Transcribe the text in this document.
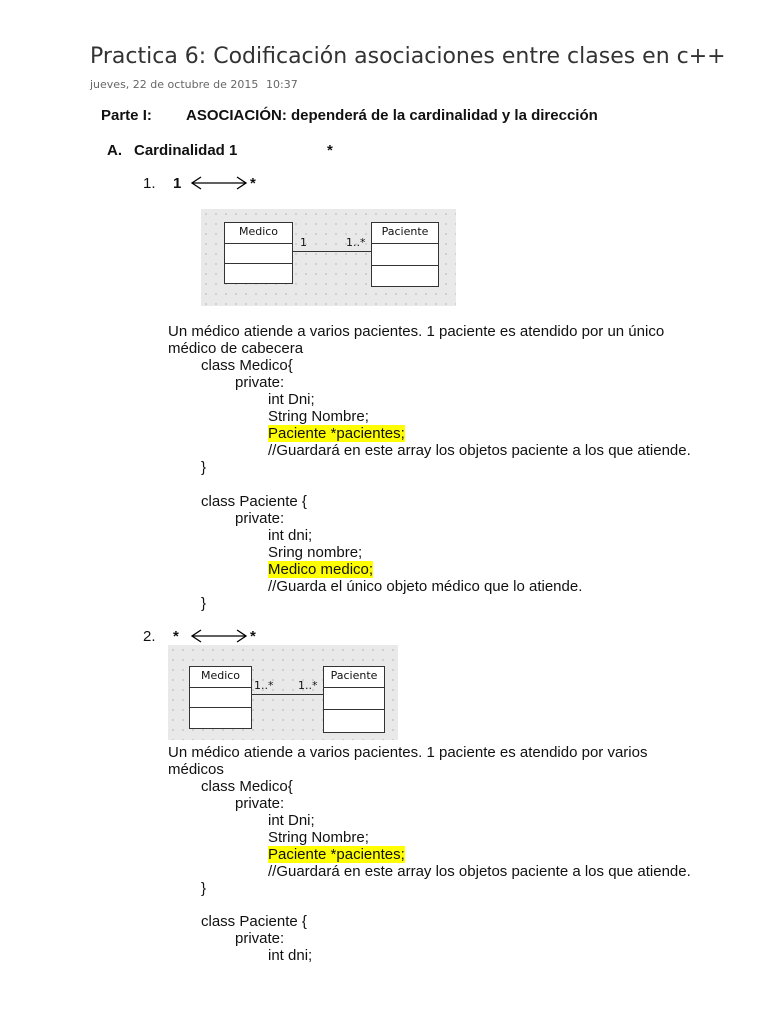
Practica 6: Codificación asociaciones entre clases en c++
jueves, 22 de octubre de 2015 10:37
Parte I: ASOCIACIÓN: dependerá de la cardinalidad y la dirección
A. Cardinalidad 1	*
1. 1	*
Medico	Paciente
1	1..*
Un médico atiende a varios pacientes. 1 paciente es atendido por un único
médico de cabecera
class Medico{
private:
int Dni;
String Nombre;
Paciente *pacientes;
//Guardará en este array los objetos paciente a los que atiende.
}
class Paciente {
private:
int dni;
Sring nombre;
Medico medico;
//Guarda el único objeto médico que lo atiende.
}
2. *	*
Medico	Paciente
1..* 1..*
Un médico atiende a varios pacientes. 1 paciente es atendido por varios
médicos
class Medico{
private:
int Dni;
String Nombre;
Paciente *pacientes;
//Guardará en este array los objetos paciente a los que atiende.
}
class Paciente {
private:
int dni;
